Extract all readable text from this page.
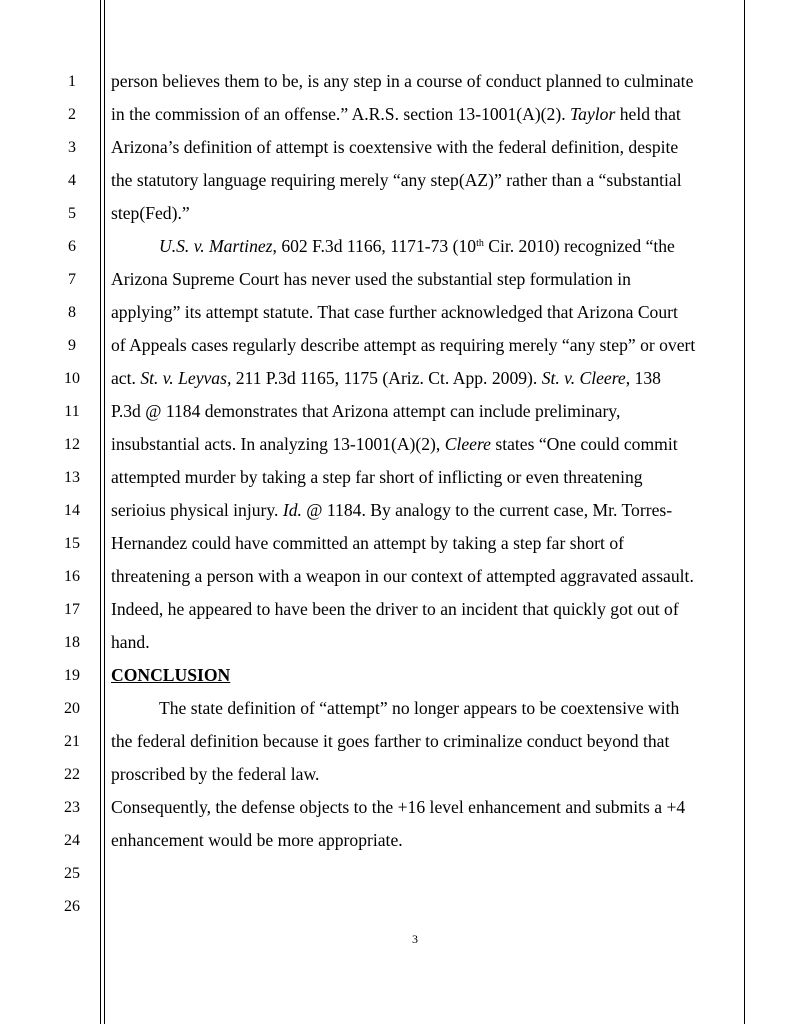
1
2
3
4
5
6
7
8
9
10
11
12
13
14
15
16
17
18
19
20
21
22
23
24
25
26
person believes them to be, is any step in a course of conduct planned to culminate
in the commission of an offense.” A.R.S. section 13-1001(A)(2). Taylor held that
Arizona’s definition of attempt is coextensive with the federal definition, despite
the statutory language requiring merely “any step(AZ)” rather than a “substantial
step(Fed).”
U.S. v. Martinez, 602 F.3d 1166, 1171-73 (10th Cir. 2010) recognized “the
Arizona Supreme Court has never used the substantial step formulation in
applying” its attempt statute. That case further acknowledged that Arizona Court
of Appeals cases regularly describe attempt as requiring merely “any step” or overt
act. St. v. Leyvas, 211 P.3d 1165, 1175 (Ariz. Ct. App. 2009). St. v. Cleere, 138
P.3d @ 1184 demonstrates that Arizona attempt can include preliminary,
insubstantial acts. In analyzing 13-1001(A)(2), Cleere states “One could commit
attempted murder by taking a step far short of inflicting or even threatening
serioius physical injury. Id. @ 1184. By analogy to the current case, Mr. Torres-
Hernandez could have committed an attempt by taking a step far short of
threatening a person with a weapon in our context of attempted aggravated assault.
Indeed, he appeared to have been the driver to an incident that quickly got out of
hand.
CONCLUSION
The state definition of “attempt” no longer appears to be coextensive with
the federal definition because it goes farther to criminalize conduct beyond that
proscribed by the federal law.
Consequently, the defense objects to the +16 level enhancement and submits a +4
enhancement would be more appropriate.
3
